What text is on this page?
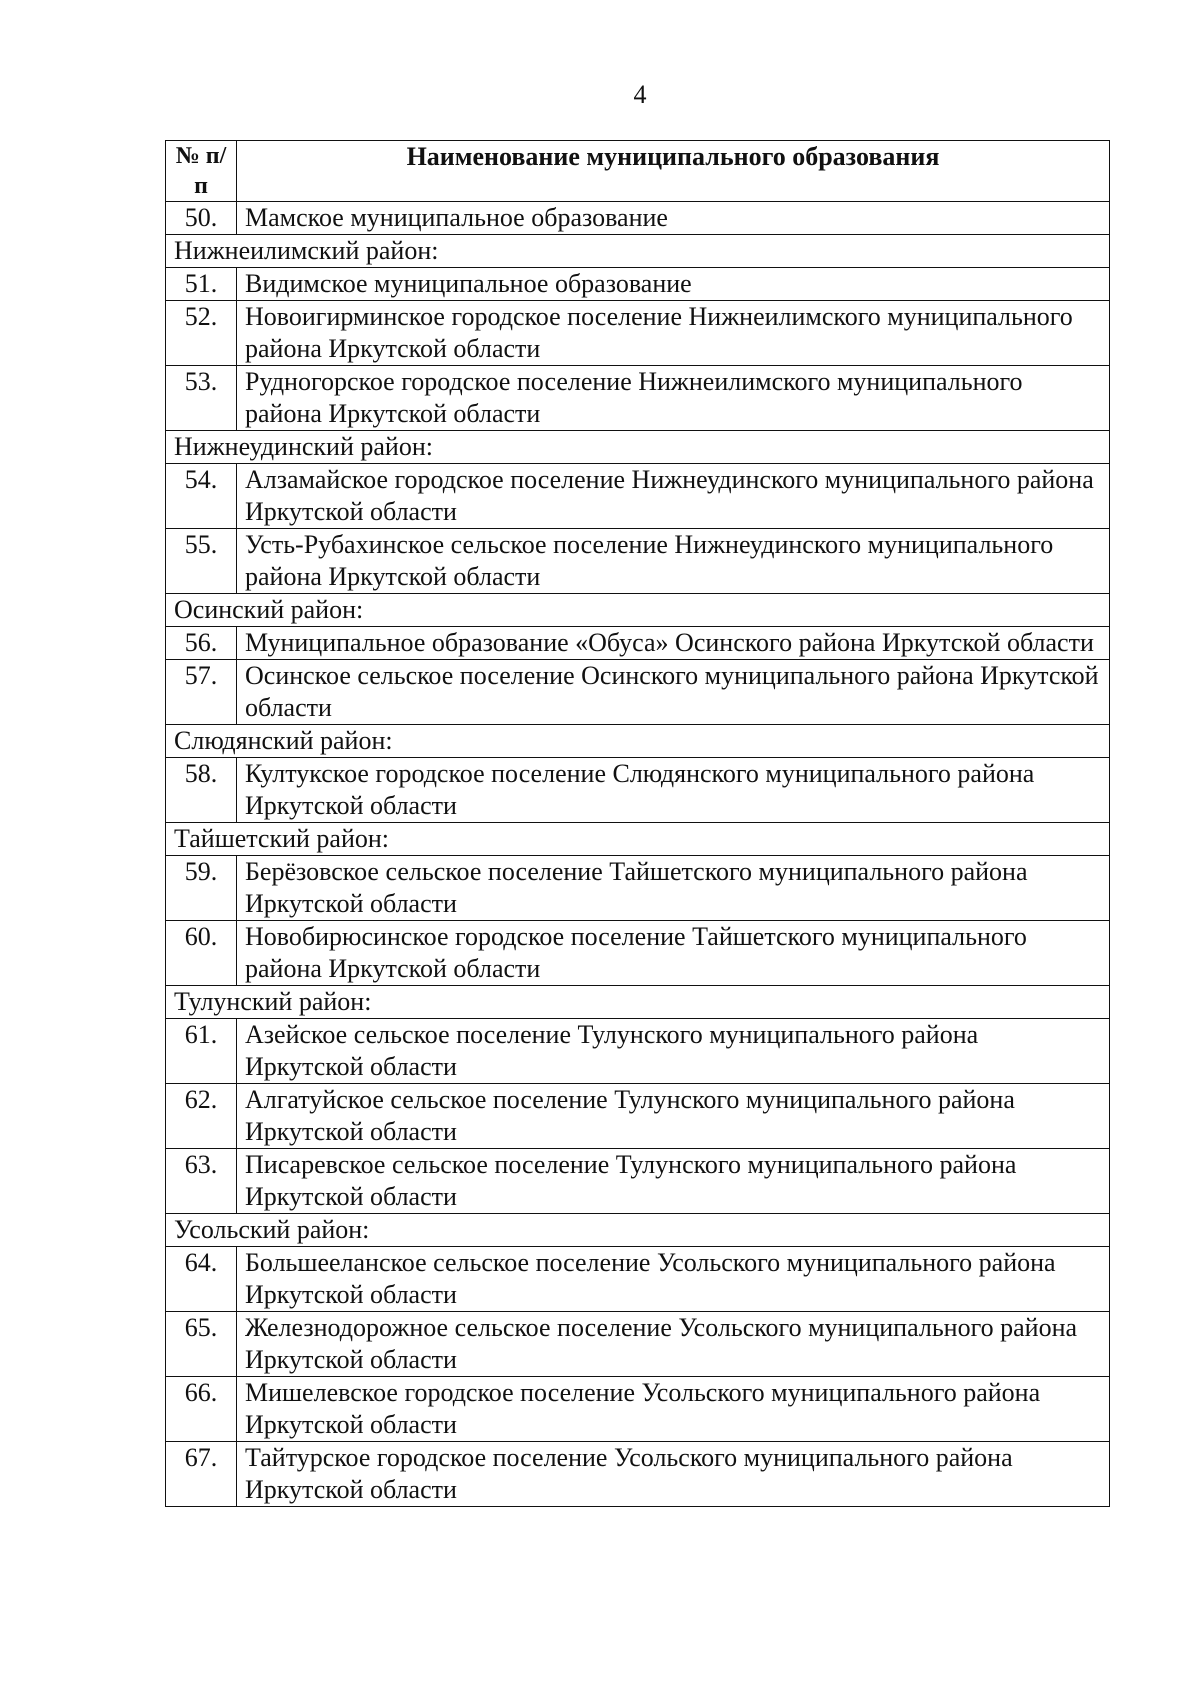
4
№ п/п	Наименование муниципального образования
50.	Мамское муниципальное образование
Нижнеилимский район:	
51.	Видимское муниципальное образование
52.	Новоигирминское городское поселение Нижнеилимского муниципального района Иркутской области
53.	Рудногорское городское поселение Нижнеилимского муниципального района Иркутской области
Нижнеудинский район:	
54.	Алзамайское городское поселение Нижнеудинского муниципального района Иркутской области
55.	Усть-Рубахинское сельское поселение Нижнеудинского муниципального района Иркутской области
Осинский район:	
56.	Муниципальное образование «Обуса» Осинского района Иркутской области
57.	Осинское сельское поселение Осинского муниципального района Иркутской области
Слюдянский район:	
58.	Култукское городское поселение Слюдянского муниципального района Иркутской области
Тайшетский район:	
59.	Берёзовское сельское поселение Тайшетского муниципального района Иркутской области
60.	Новобирюсинское городское поселение Тайшетского муниципального района Иркутской области
Тулунский район:	
61.	Азейское сельское поселение Тулунского муниципального района Иркутской области
62.	Алгатуйское сельское поселение Тулунского муниципального района Иркутской области
63.	Писаревское сельское поселение Тулунского муниципального района Иркутской области
Усольский район:	
64.	Большееланское сельское поселение Усольского муниципального района Иркутской области
65.	Железнодорожное сельское поселение Усольского муниципального района Иркутской области
66.	Мишелевское городское поселение Усольского муниципального района Иркутской области
67.	Тайтурское городское поселение Усольского муниципального района Иркутской области
